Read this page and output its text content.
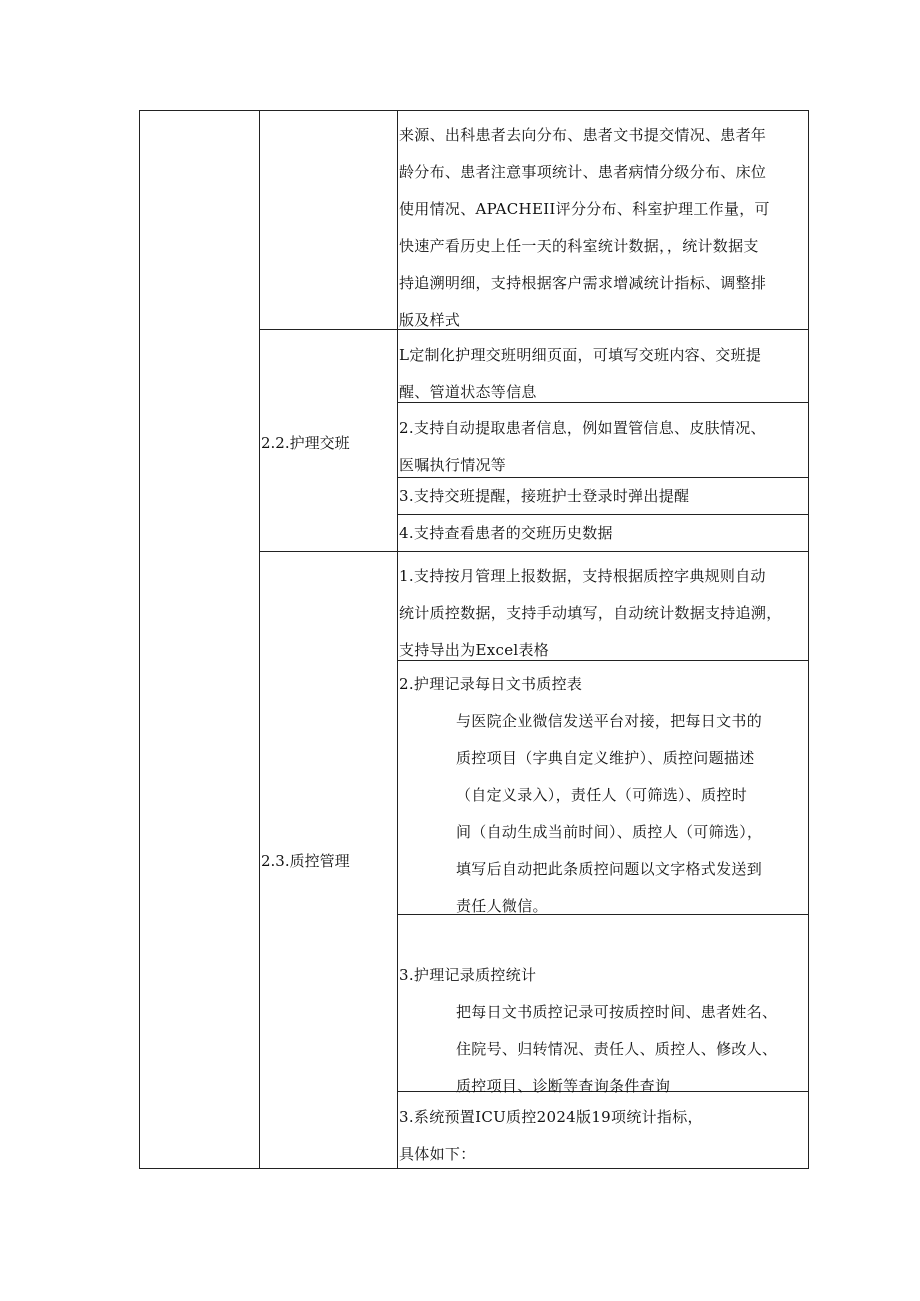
来源、出科患者去向分布、患者文书提交情况、患者年
龄分布、患者注意事项统计、患者病情分级分布、床位
使用情况、APACHEII评分分布、科室护理工作量，可
快速产看历史上任一天的科室统计数据，，统计数据支
持追溯明细，支持根据客户需求增减统计指标、调整排
版及样式
2.2.护理交班
L定制化护理交班明细页面，可填写交班内容、交班提
醒、管道状态等信息
2.支持自动提取患者信息，例如置管信息、皮肤情况、
医嘱执行情况等
3.支持交班提醒，接班护士登录时弹出提醒
4.支持查看患者的交班历史数据
2.3.质控管理
1.支持按月管理上报数据，支持根据质控字典规则自动
统计质控数据，支持手动填写，自动统计数据支持追溯，
支持导出为Excel表格
2.护理记录每日文书质控表
与医院企业微信发送平台对接，把每日文书的
质控项目（字典自定义维护）、质控问题描述
（自定义录入），责任人（可筛选）、质控时
间（自动生成当前时间）、质控人（可筛选），
填写后自动把此条质控问题以文字格式发送到
责任人微信。
3.护理记录质控统计
把每日文书质控记录可按质控时间、患者姓名、
住院号、归转情况、责任人、质控人、修改人、
质控项目、诊断等查询条件查询
3.系统预置ICU质控2024版19项统计指标，
具体如下：
